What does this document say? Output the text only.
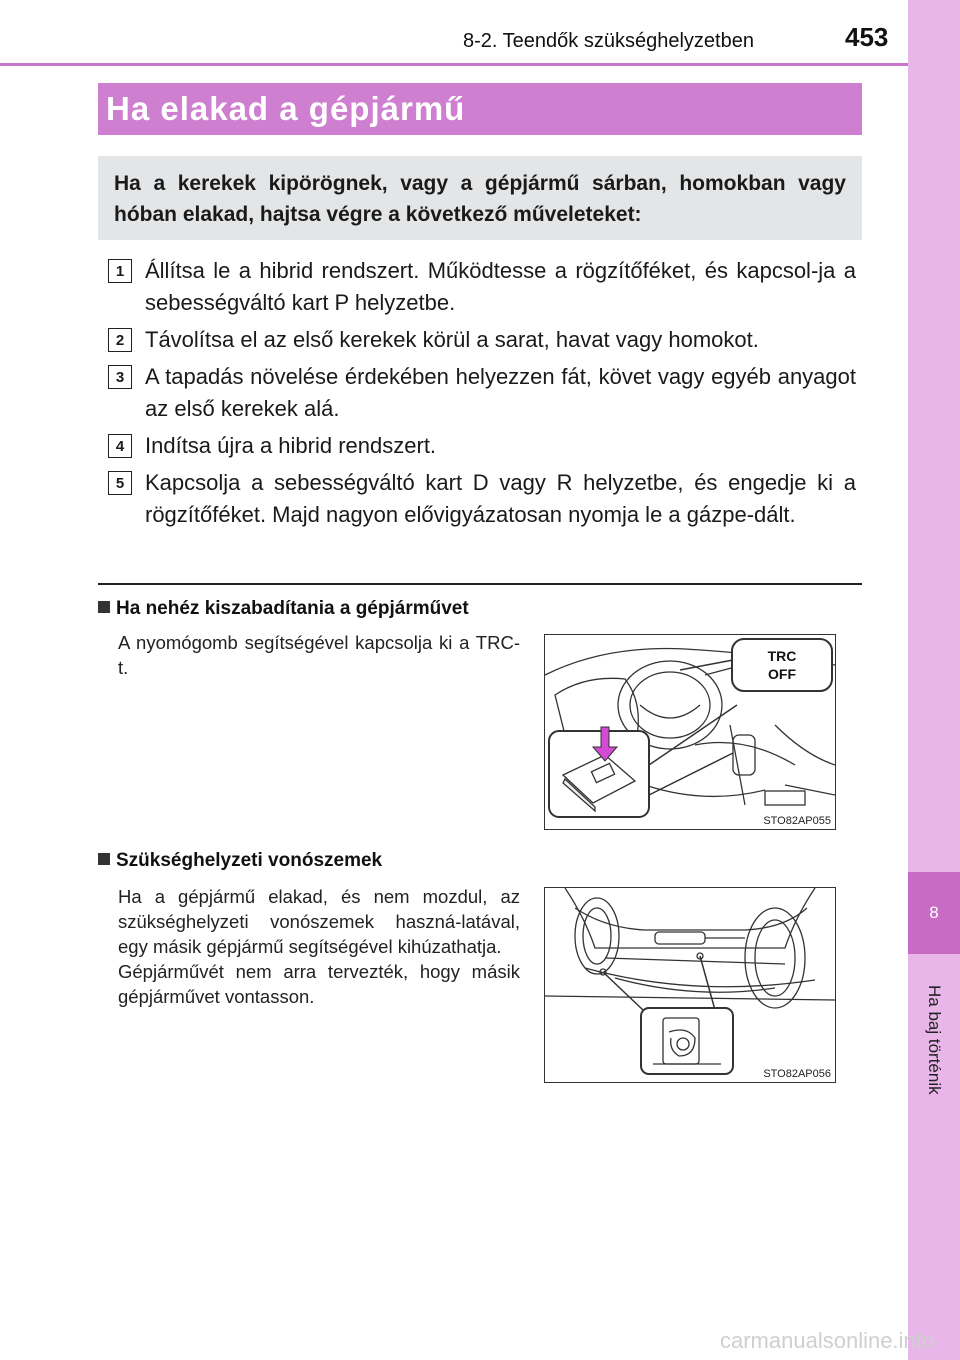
8
Ha baj történik
8-2. Teendők szükséghelyzetben	453
Ha elakad a gépjármű
Ha a kerekek kipörögnek, vagy a gépjármű sárban, homokban vagy hóban elakad, hajtsa végre a következő műveleteket:
1 Állítsa le a hibrid rendszert. Működtesse a rögzítőféket, és kapcsol-ja a sebességváltó kart P helyzetbe.
2 Távolítsa el az első kerekek körül a sarat, havat vagy homokot.
3 A tapadás növelése érdekében helyezzen fát, követ vagy egyéb anyagot az első kerekek alá.
4 Indítsa újra a hibrid rendszert.
5 Kapcsolja a sebességváltó kart D vagy R helyzetbe, és engedje ki a rögzítőféket. Majd nagyon elővigyázatosan nyomja le a gázpe-dált.
Ha nehéz kiszabadítania a gépjárművet
A nyomógomb segítségével kapcsolja ki a TRC-t.
TRC
OFF
STO82AP055
Szükséghelyzeti vonószemek
Ha a gépjármű elakad, és nem mozdul, az szükséghelyzeti vonószemek haszná-latával, egy másik gépjármű segítségével kihúzathatja.
Gépjárművét nem arra tervezték, hogy másik gépjárművet vontasson.
STO82AP056
carmanualsonline.info
